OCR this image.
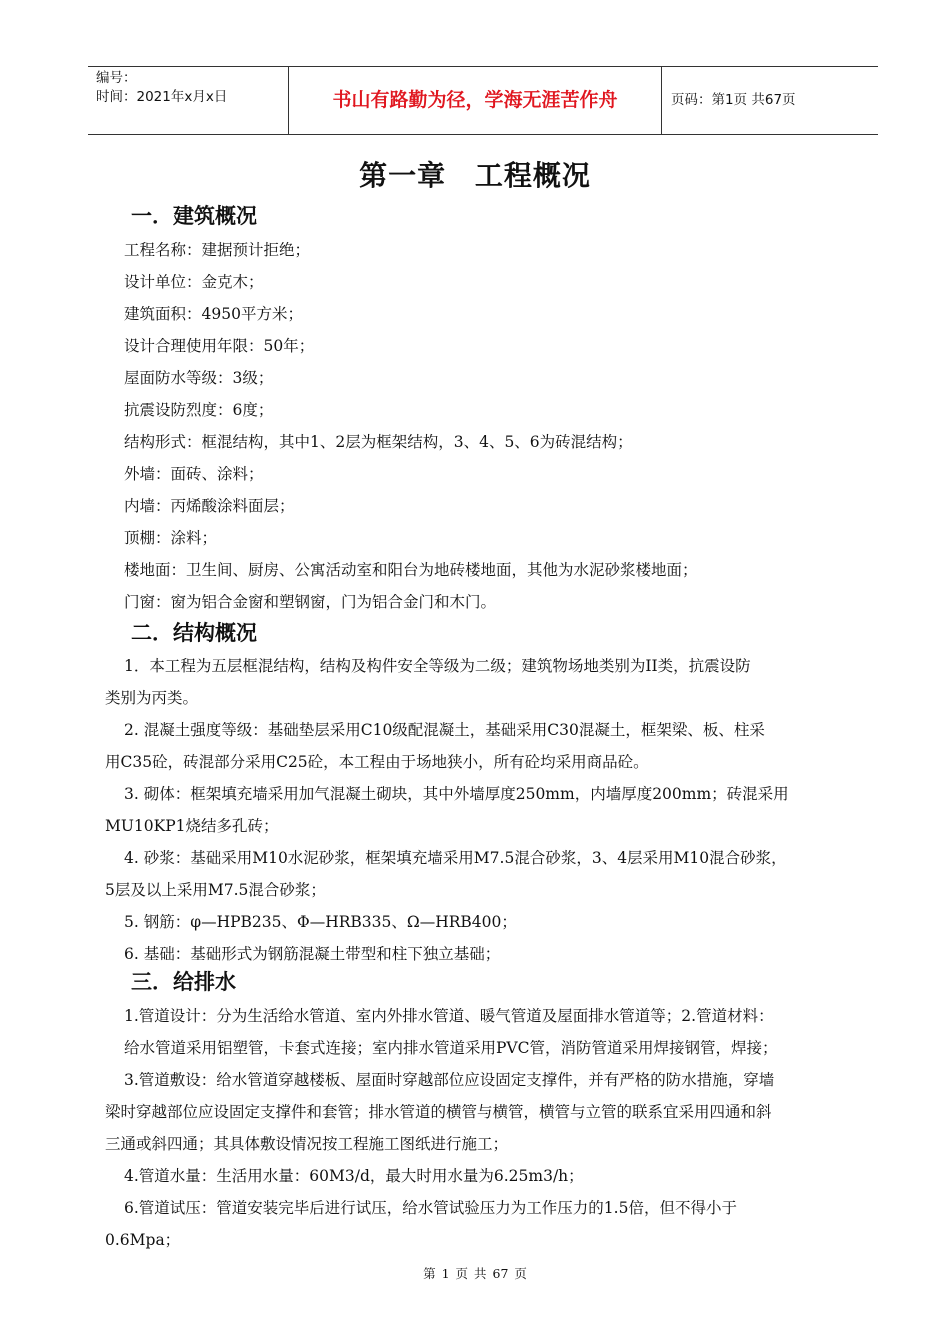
编号：
时间：2021年x月x日	书山有路勤为径，学海无涯苦作舟	页码：第1页 共67页
第一章 工程概况
一．建筑概况
工程名称：建据预计拒绝；
设计单位：金克木；
建筑面积：4950平方米；
设计合理使用年限：50年；
屋面防水等级：3级；
抗震设防烈度：6度；
结构形式：框混结构，其中1、2层为框架结构，3、4、5、6为砖混结构；
外墙：面砖、涂料；
内墙：丙烯酸涂料面层；
顶棚：涂料；
楼地面：卫生间、厨房、公寓活动室和阳台为地砖楼地面，其他为水泥砂浆楼地面；
门窗：窗为铝合金窗和塑钢窗，门为铝合金门和木门。
二．结构概况
1．本工程为五层框混结构，结构及构件安全等级为二级；建筑物场地类别为II类，抗震设防
类别为丙类。
2. 混凝土强度等级：基础垫层采用C10级配混凝土，基础采用C30混凝土，框架梁、板、柱采
用C35砼，砖混部分采用C25砼，本工程由于场地狭小，所有砼均采用商品砼。
3. 砌体：框架填充墙采用加气混凝土砌块，其中外墙厚度250mm，内墙厚度200mm；砖混采用
MU10KP1烧结多孔砖；
4. 砂浆：基础采用M10水泥砂浆，框架填充墙采用M7.5混合砂浆，3、4层采用M10混合砂浆，
5层及以上采用M7.5混合砂浆；
5. 钢筋：φ—HPB235、Φ—HRB335、Ω—HRB400；
6. 基础：基础形式为钢筋混凝土带型和柱下独立基础；
三．给排水
1.管道设计：分为生活给水管道、室内外排水管道、暖气管道及屋面排水管道等；2.管道材料：
给水管道采用铝塑管，卡套式连接；室内排水管道采用PVC管，消防管道采用焊接钢管，焊接；
3.管道敷设：给水管道穿越楼板、屋面时穿越部位应设固定支撑件，并有严格的防水措施，穿墙
梁时穿越部位应设固定支撑件和套管；排水管道的横管与横管，横管与立管的联系宜采用四通和斜
三通或斜四通；其具体敷设情况按工程施工图纸进行施工；
4.管道水量：生活用水量：60M3/d，最大时用水量为6.25m3/h；
6.管道试压：管道安装完毕后进行试压，给水管试验压力为工作压力的1.5倍，但不得小于
0.6Mpa；
第 1 页 共 67 页
